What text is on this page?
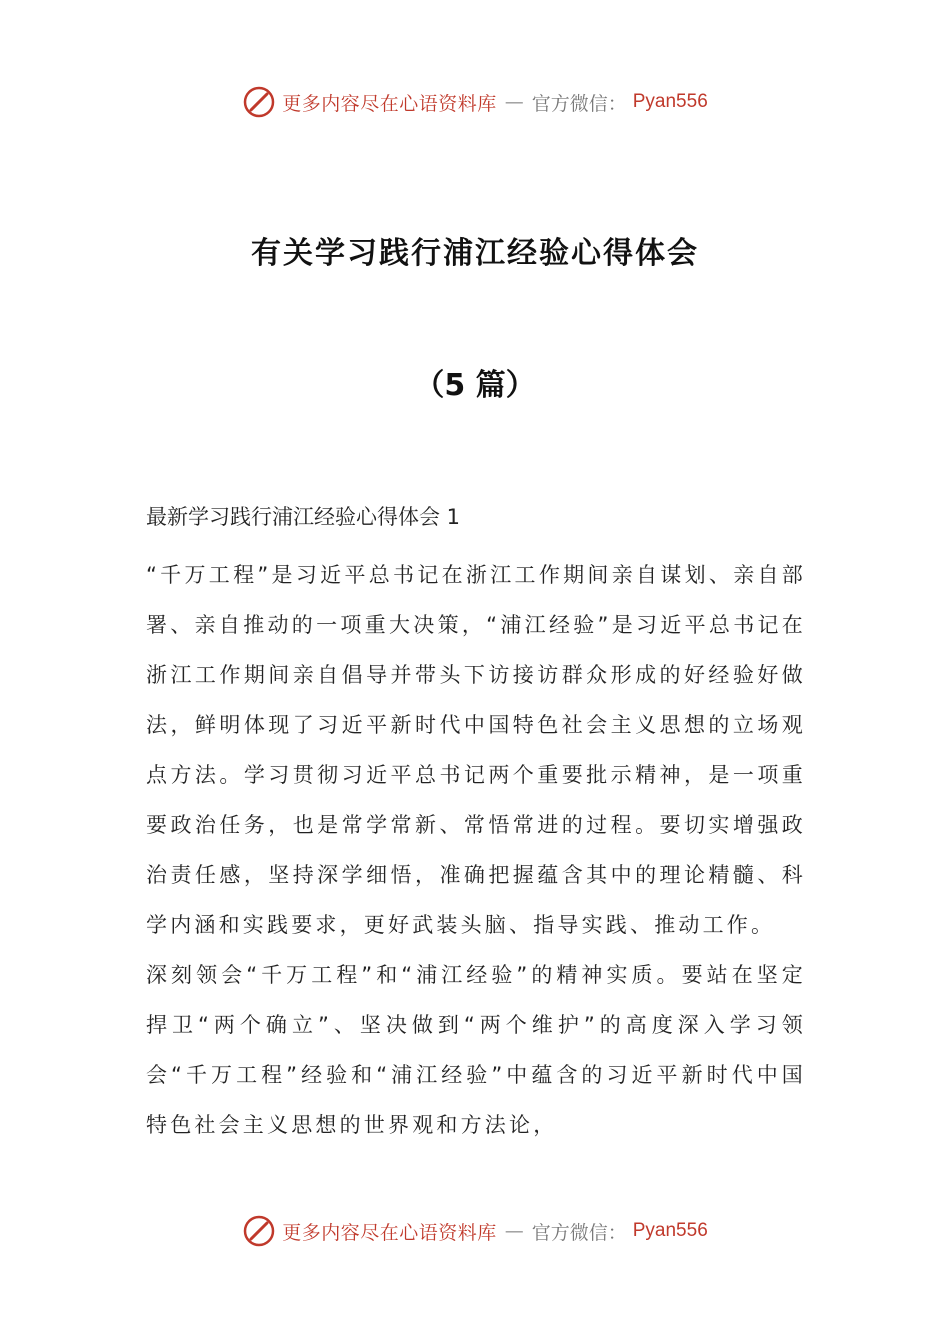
更多内容尽在心语资料库 — 官方微信： Pyan556
有关学习践行浦江经验心得体会
（5 篇）

最新学习践行浦江经验心得体会 1

“千万工程”是习近平总书记在浙江工作期间亲自谋划、亲自部署、亲自推动的一项重大决策，“浦江经验”是习近平总书记在浙江工作期间亲自倡导并带头下访接访群众形成的好经验好做法，鲜明体现了习近平新时代中国特色社会主义思想的立场观点方法。学习贯彻习近平总书记两个重要批示精神，是一项重要政治任务，也是常学常新、常悟常进的过程。要切实增强政治责任感，坚持深学细悟，准确把握蕴含其中的理论精髓、科学内涵和实践要求，更好武装头脑、指导实践、推动工作。

深刻领会“千万工程”和“浦江经验”的精神实质。要站在坚定捍卫“两个确立”、坚决做到“两个维护”的高度深入学习领会“千万工程”经验和“浦江经验”中蕴含的习近平新时代中国特色社会主义思想的世界观和方法论，

更多内容尽在心语资料库 — 官方微信： Pyan556
